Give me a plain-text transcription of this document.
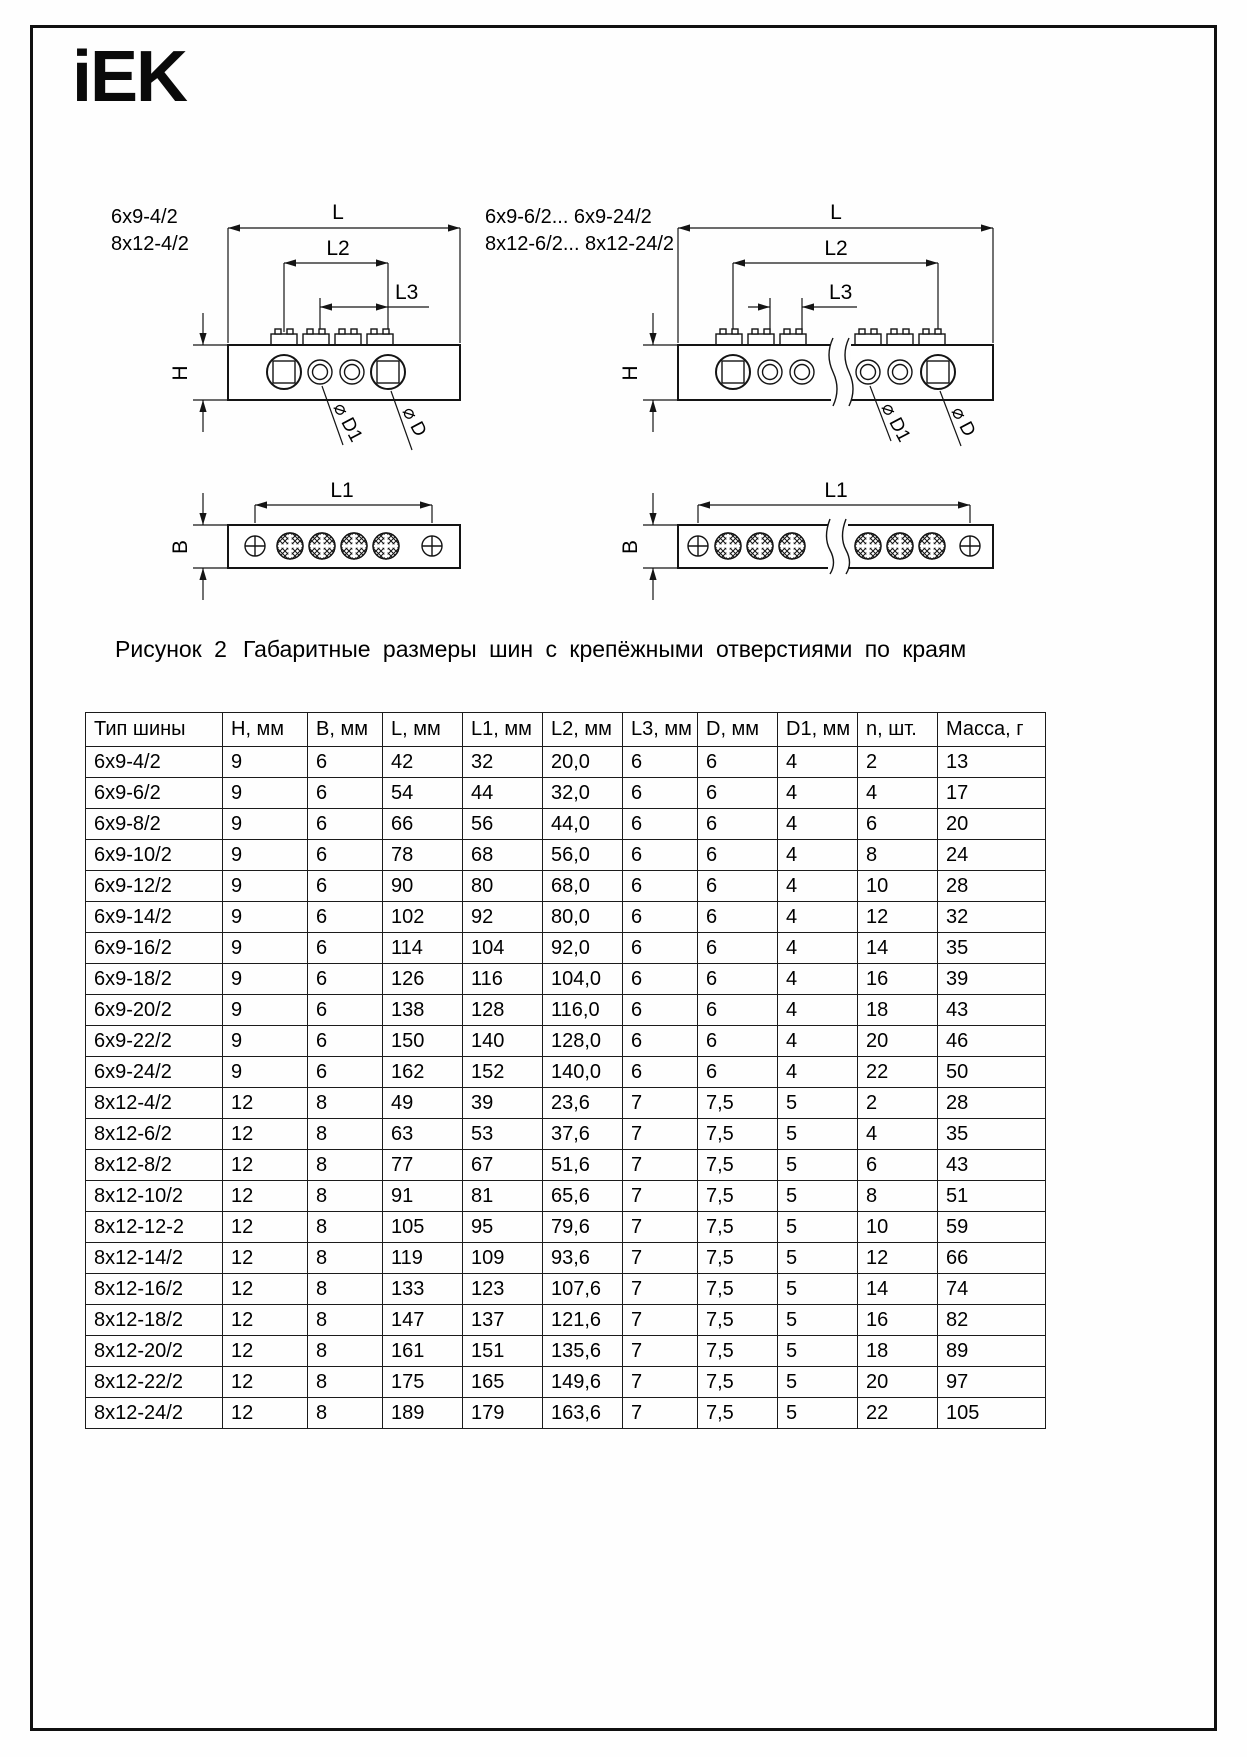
iEK
6х9-4/2
8х12-4/2
L
L2
L3
H
⌀ D1 ⌀ D
L1
B
6х9-6/2... 6х9-24/2
8х12-6/2... 8х12-24/2
L
L2
L3
H
⌀ D1 ⌀ D
L1
B
Рисунок 2 Габаритные размеры шин с крепёжными отверстиями по краям
Тип шины	Н, мм	В, мм	L, мм	L1, мм	L2, мм	L3, мм	D, мм	D1, мм	n, шт.	Масса, г
6х9-4/2	9	6	42	32	20,0	6	6	4	2	13
6х9-6/2	9	6	54	44	32,0	6	6	4	4	17
6х9-8/2	9	6	66	56	44,0	6	6	4	6	20
6х9-10/2	9	6	78	68	56,0	6	6	4	8	24
6х9-12/2	9	6	90	80	68,0	6	6	4	10	28
6х9-14/2	9	6	102	92	80,0	6	6	4	12	32
6х9-16/2	9	6	114	104	92,0	6	6	4	14	35
6х9-18/2	9	6	126	116	104,0	6	6	4	16	39
6х9-20/2	9	6	138	128	116,0	6	6	4	18	43
6х9-22/2	9	6	150	140	128,0	6	6	4	20	46
6х9-24/2	9	6	162	152	140,0	6	6	4	22	50
8х12-4/2	12	8	49	39	23,6	7	7,5	5	2	28
8х12-6/2	12	8	63	53	37,6	7	7,5	5	4	35
8х12-8/2	12	8	77	67	51,6	7	7,5	5	6	43
8х12-10/2	12	8	91	81	65,6	7	7,5	5	8	51
8х12-12-2	12	8	105	95	79,6	7	7,5	5	10	59
8х12-14/2	12	8	119	109	93,6	7	7,5	5	12	66
8х12-16/2	12	8	133	123	107,6	7	7,5	5	14	74
8х12-18/2	12	8	147	137	121,6	7	7,5	5	16	82
8х12-20/2	12	8	161	151	135,6	7	7,5	5	18	89
8х12-22/2	12	8	175	165	149,6	7	7,5	5	20	97
8х12-24/2	12	8	189	179	163,6	7	7,5	5	22	105
